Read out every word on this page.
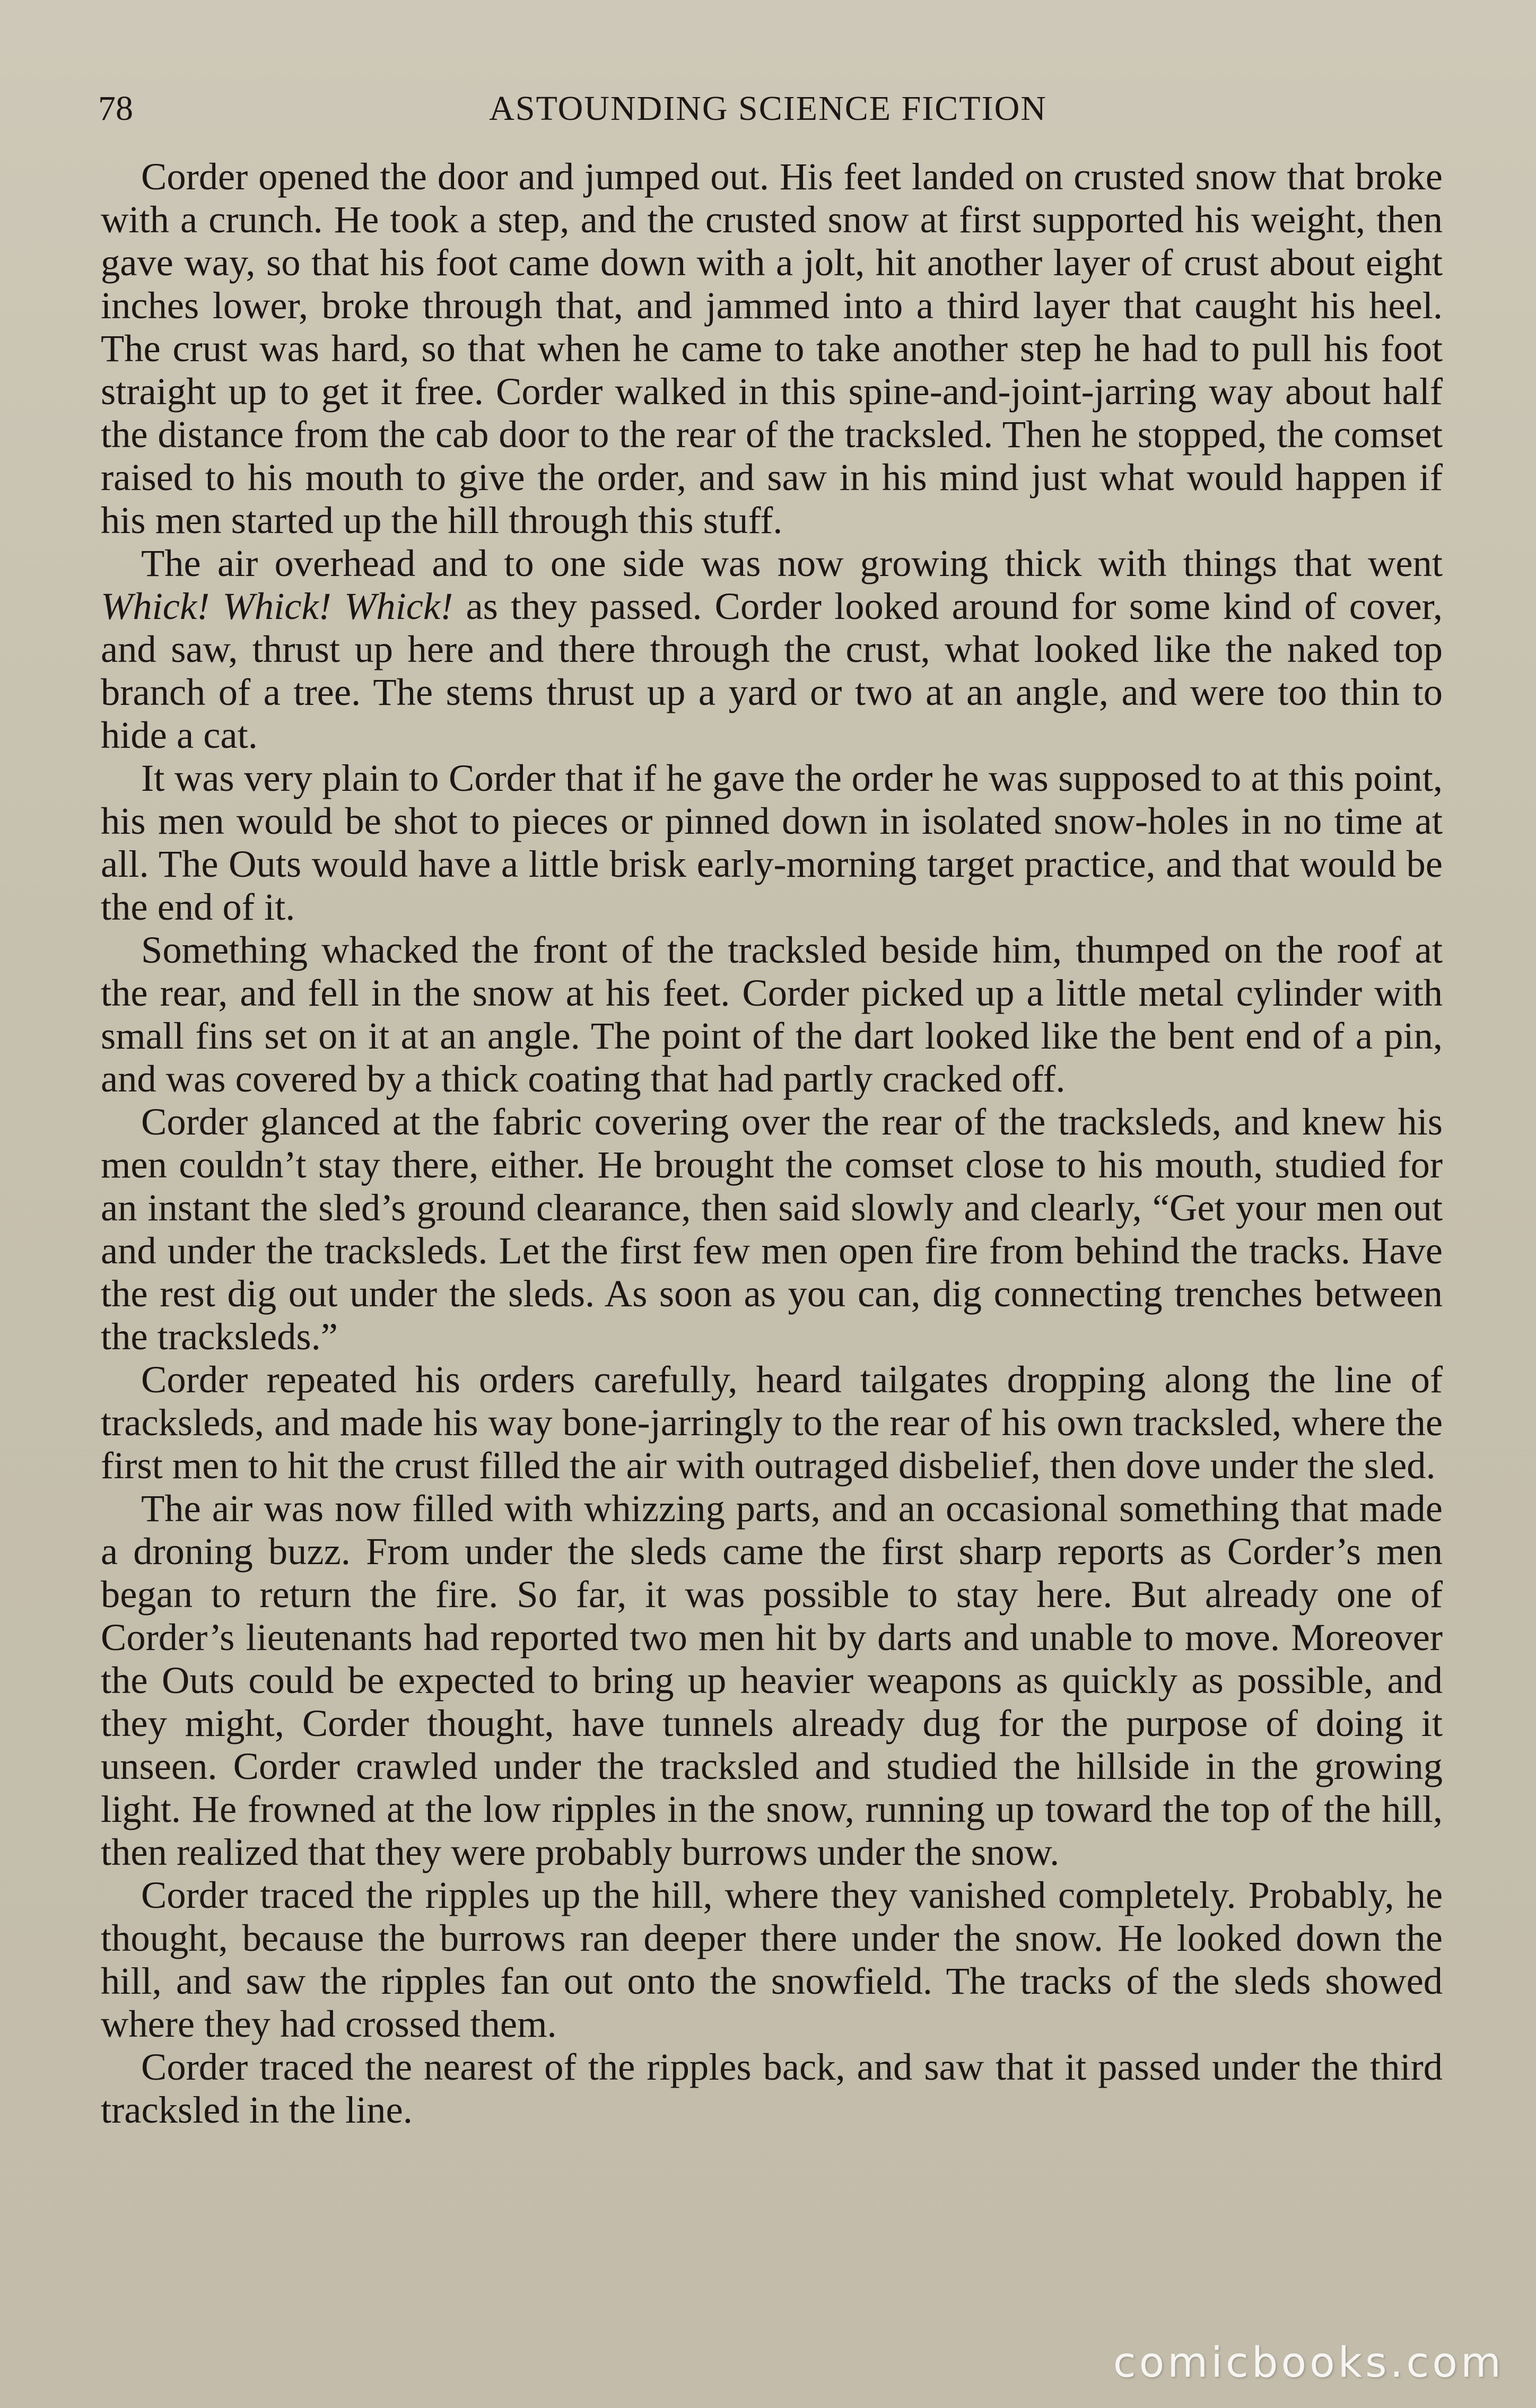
78	ASTOUNDING SCIENCE FICTION

Corder opened the door and jumped out. His feet landed on crusted snow that broke with a crunch. He took a step, and the crusted snow at first supported his weight, then gave way, so that his foot came down with a jolt, hit another layer of crust about eight inches lower, broke through that, and jammed into a third layer that caught his heel. The crust was hard, so that when he came to take another step he had to pull his foot straight up to get it free. Corder walked in this spine-and-joint-jarring way about half the distance from the cab door to the rear of the tracksled. Then he stopped, the comset raised to his mouth to give the order, and saw in his mind just what would happen if his men started up the hill through this stuff.

The air overhead and to one side was now growing thick with things that went Whick! Whick! Whick! as they passed. Corder looked around for some kind of cover, and saw, thrust up here and there through the crust, what looked like the naked top branch of a tree. The stems thrust up a yard or two at an angle, and were too thin to hide a cat.

It was very plain to Corder that if he gave the order he was supposed to at this point, his men would be shot to pieces or pinned down in isolated snow-holes in no time at all. The Outs would have a little brisk early-morning target practice, and that would be the end of it.

Something whacked the front of the tracksled beside him, thumped on the roof at the rear, and fell in the snow at his feet. Corder picked up a little metal cylinder with small fins set on it at an angle. The point of the dart looked like the bent end of a pin, and was covered by a thick coating that had partly cracked off.

Corder glanced at the fabric covering over the rear of the tracksleds, and knew his men couldn’t stay there, either. He brought the comset close to his mouth, studied for an instant the sled’s ground clearance, then said slowly and clearly, “Get your men out and under the tracksleds. Let the first few men open fire from behind the tracks. Have the rest dig out under the sleds. As soon as you can, dig connecting trenches between the tracksleds.”

Corder repeated his orders carefully, heard tailgates dropping along the line of tracksleds, and made his way bone-jarringly to the rear of his own tracksled, where the first men to hit the crust filled the air with outraged disbelief, then dove under the sled.

The air was now filled with whizzing parts, and an occasional something that made a droning buzz. From under the sleds came the first sharp reports as Corder’s men began to return the fire. So far, it was possible to stay here. But already one of Corder’s lieutenants had reported two men hit by darts and unable to move. Moreover the Outs could be expected to bring up heavier weapons as quickly as possible, and they might, Corder thought, have tunnels already dug for the purpose of doing it unseen. Corder crawled under the tracksled and studied the hillside in the growing light. He frowned at the low ripples in the snow, running up toward the top of the hill, then realized that they were probably burrows under the snow.

Corder traced the ripples up the hill, where they vanished completely. Probably, he thought, because the burrows ran deeper there under the snow. He looked down the hill, and saw the ripples fan out onto the snowfield. The tracks of the sleds showed where they had crossed them.

Corder traced the nearest of the ripples back, and saw that it passed under the third tracksled in the line.

comicbooks.com
